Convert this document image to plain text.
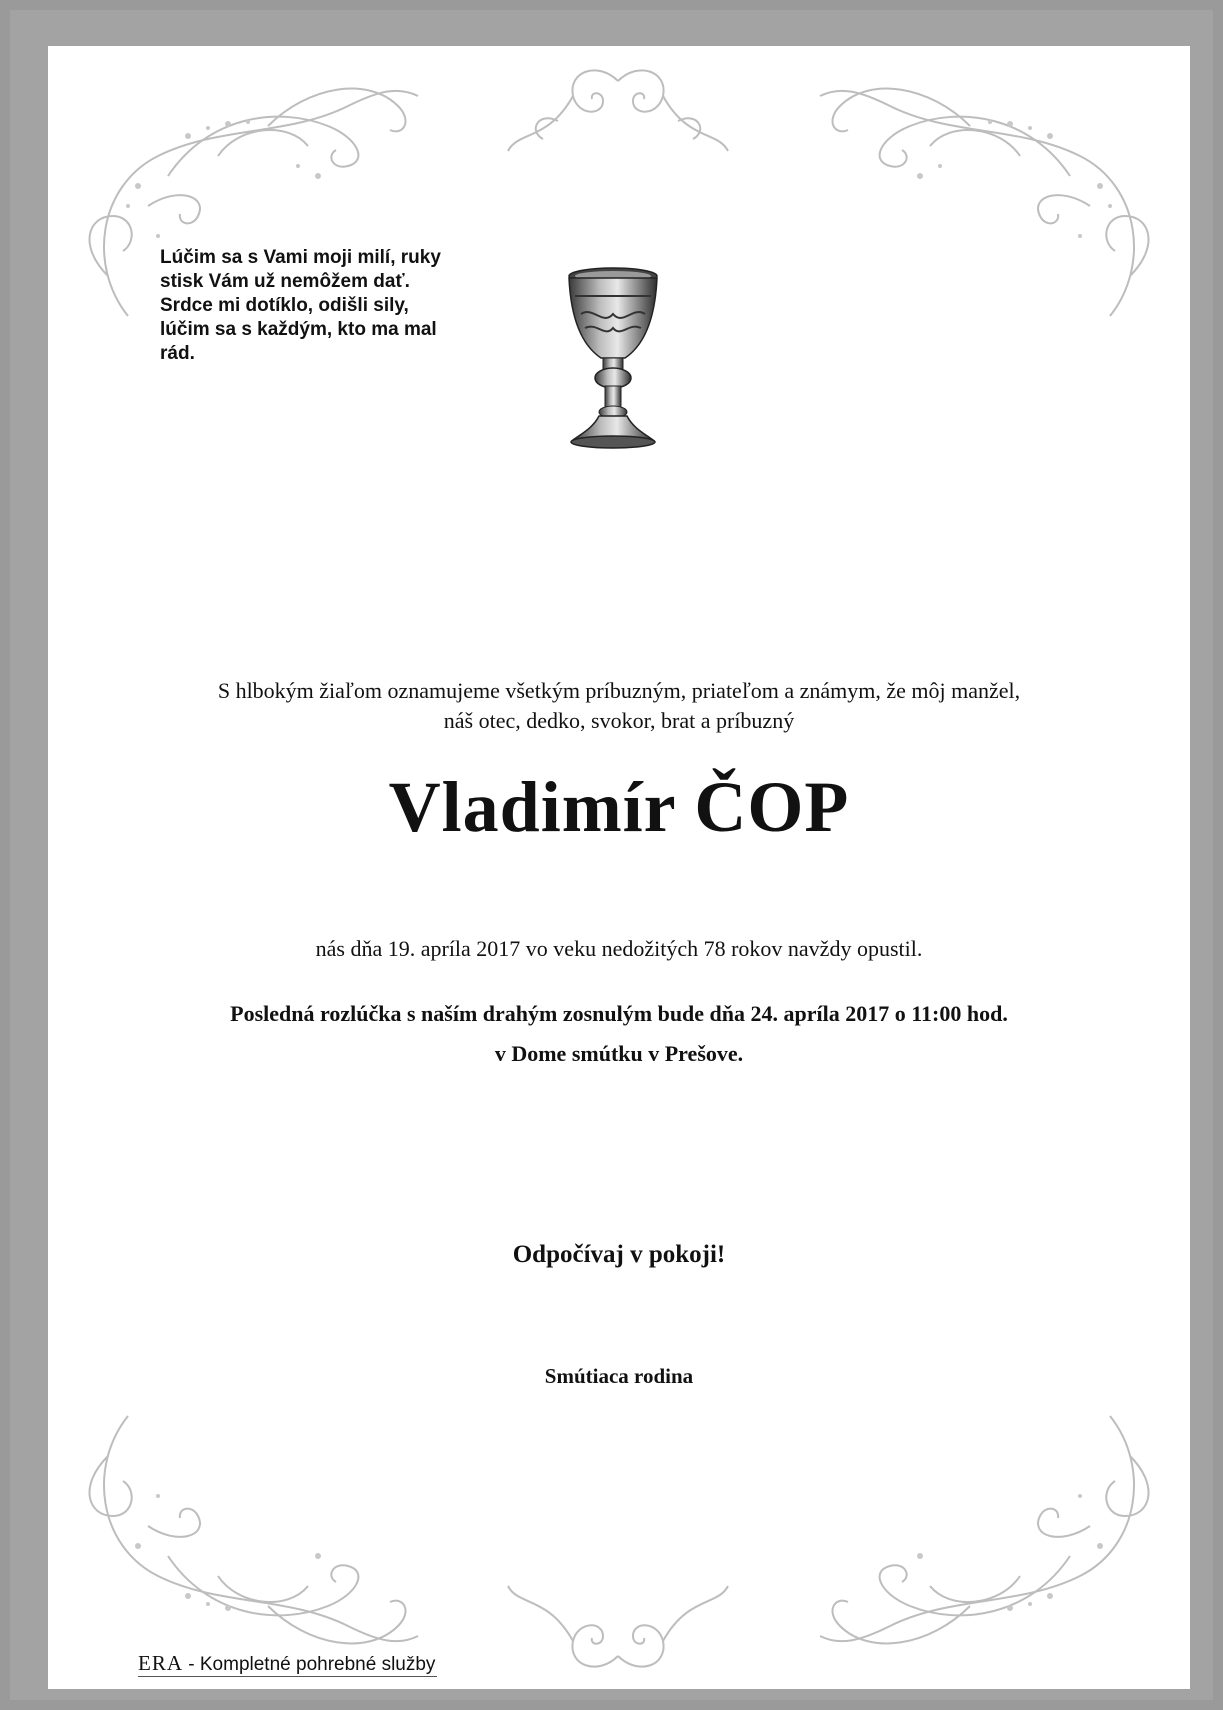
Lúčim sa s Vami moji milí, ruky
stisk Vám už nemôžem dať.
Srdce mi dotíklo, odišli sily,
lúčim sa s každým, kto ma mal
rád.
S hlbokým žiaľom oznamujeme všetkým príbuzným, priateľom a známym, že môj manžel,
náš otec, dedko, svokor, brat a príbuzný
Vladimír ČOP
nás dňa 19. apríla 2017 vo veku nedožitých 78 rokov navždy opustil.
Posledná rozlúčka s naším drahým zosnulým bude dňa 24. apríla 2017 o 11:00 hod.
v Dome smútku v Prešove.
Odpočívaj v pokoji!
Smútiaca rodina
ERA - Kompletné pohrebné služby
